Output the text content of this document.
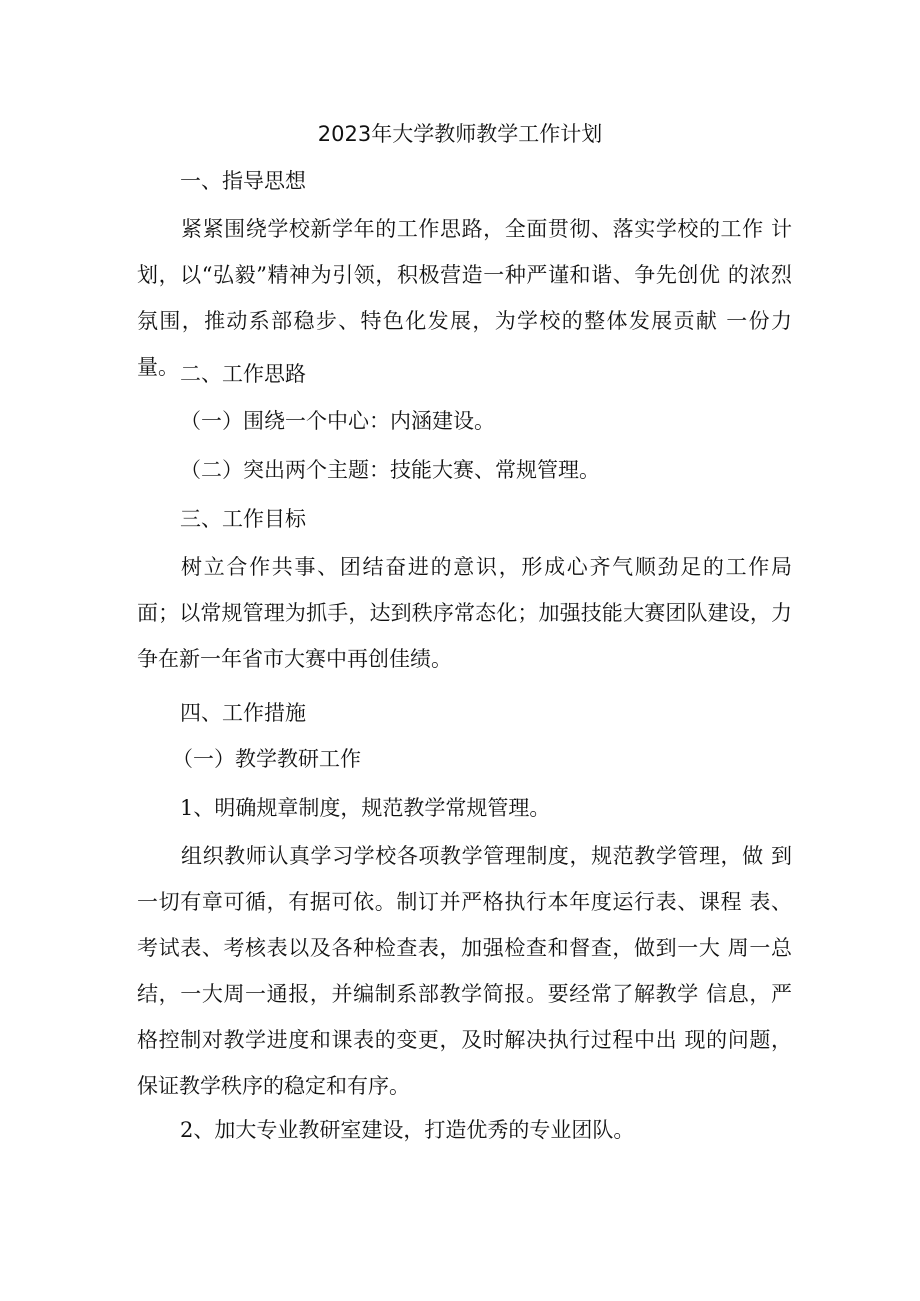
2023年大学教师教学工作计划
一、指导思想
紧紧围绕学校新学年的工作思路，全面贯彻、落实学校的工作 计划，以“弘毅”精神为引领，积极营造一种严谨和谐、争先创优 的浓烈氛围，推动系部稳步、特色化发展，为学校的整体发展贡献 一份力量。 二、工作思路
（一）围绕一个中心：内涵建设。
（二）突出两个主题：技能大赛、常规管理。
三、工作目标
树立合作共事、团结奋进的意识，形成心齐气顺劲足的工作局 面；以常规管理为抓手，达到秩序常态化；加强技能大赛团队建设，力争在新一年省市大赛中再创佳绩。
四、工作措施
（一）教学教研工作
1、明确规章制度，规范教学常规管理。
组织教师认真学习学校各项教学管理制度，规范教学管理，做 到一切有章可循，有据可依。制订并严格执行本年度运行表、课程 表、考试表、考核表以及各种检查表，加强检查和督查，做到一大 周一总结，一大周一通报，并编制系部教学简报。要经常了解教学 信息，严格控制对教学进度和课表的变更，及时解决执行过程中出 现的问题，保证教学秩序的稳定和有序。
2、加大专业教研室建设，打造优秀的专业团队。
